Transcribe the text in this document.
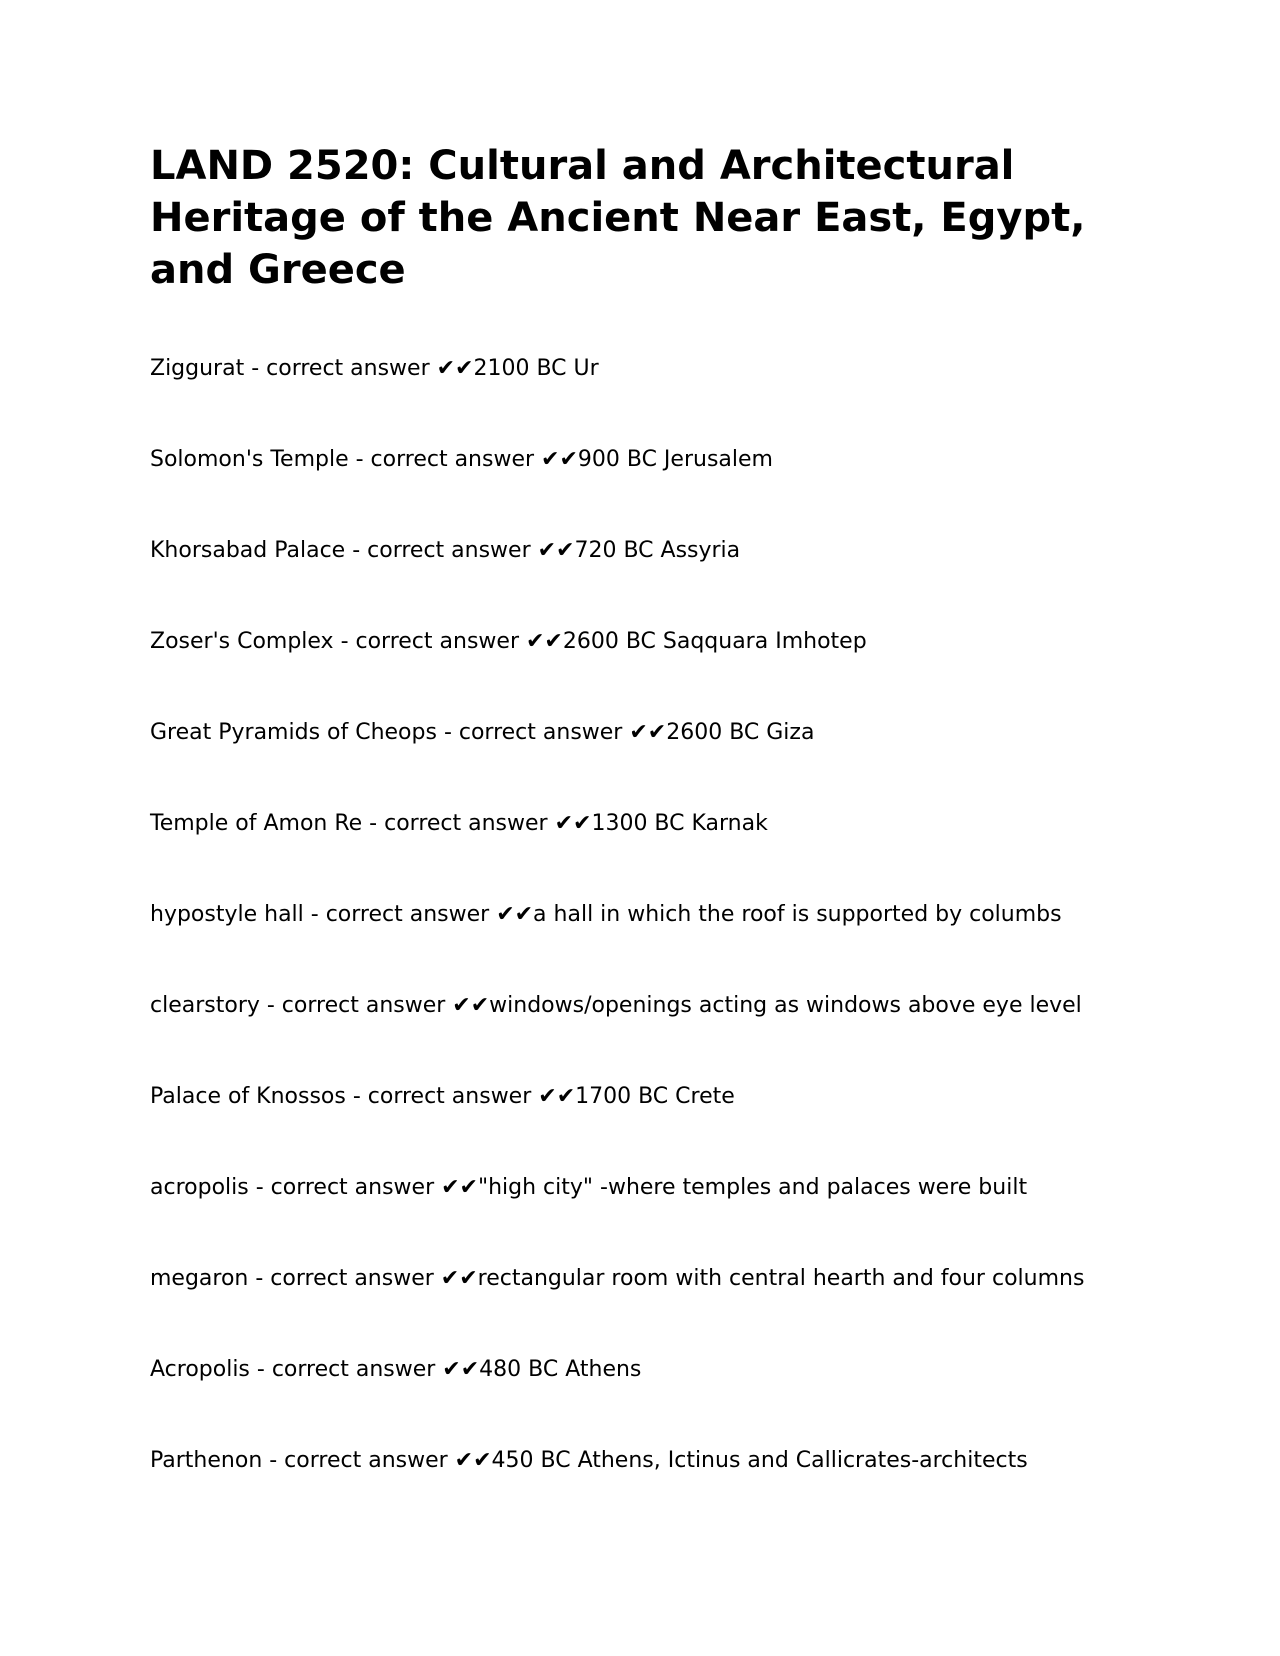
LAND 2520: Cultural and Architectural Heritage of the Ancient Near East, Egypt, and Greece
Ziggurat - correct answer ✔✔2100 BC Ur
Solomon's Temple - correct answer ✔✔900 BC Jerusalem
Khorsabad Palace - correct answer ✔✔720 BC Assyria
Zoser's Complex - correct answer ✔✔2600 BC Saqquara Imhotep
Great Pyramids of Cheops - correct answer ✔✔2600 BC Giza
Temple of Amon Re - correct answer ✔✔1300 BC Karnak
hypostyle hall - correct answer ✔✔a hall in which the roof is supported by columbs
clearstory - correct answer ✔✔windows/openings acting as windows above eye level
Palace of Knossos - correct answer ✔✔1700 BC Crete
acropolis - correct answer ✔✔"high city" -where temples and palaces were built
megaron - correct answer ✔✔rectangular room with central hearth and four columns
Acropolis - correct answer ✔✔480 BC Athens
Parthenon - correct answer ✔✔450 BC Athens, Ictinus and Callicrates-architects
